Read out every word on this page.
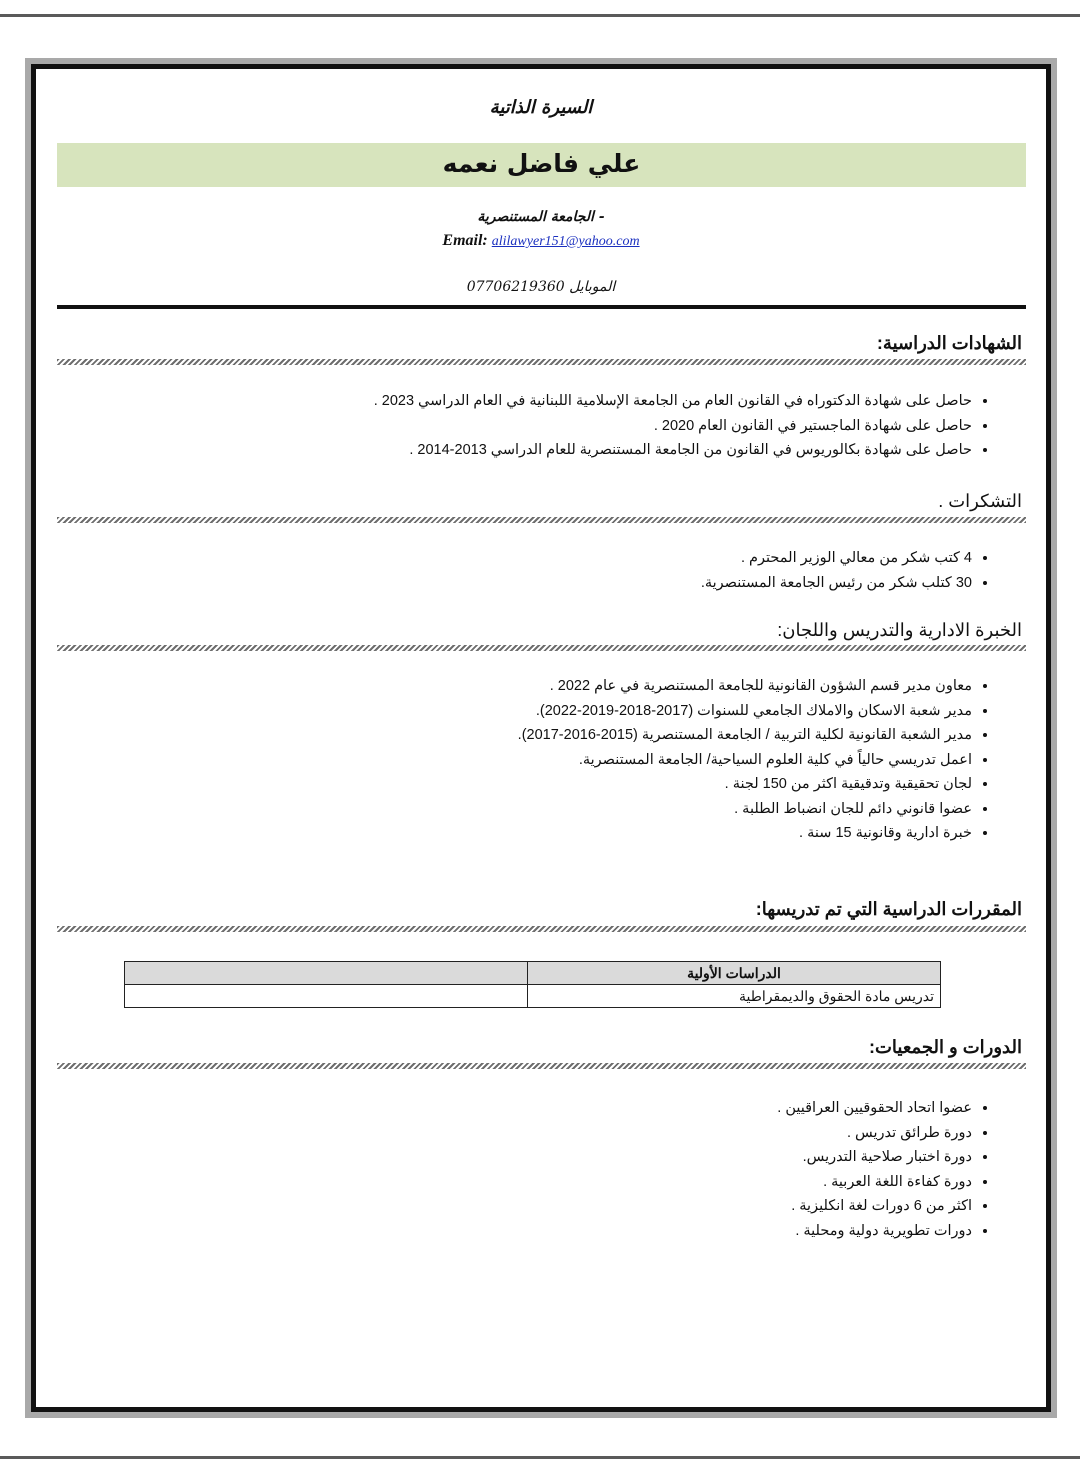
السيرة الذاتية
علي فاضل نعمه
الجامعة المستنصرية -
Email: alilawyer151@yahoo.com
07706219360 الموبايل
الشهادات الدراسية:
• حاصل على شهادة الدكتوراه في القانون العام من الجامعة الإسلامية اللبنانية في العام الدراسي 2023 .
• حاصل على شهادة الماجستير في القانون العام 2020 .
• حاصل على شهادة بكالوريوس في القانون من الجامعة المستنصرية للعام الدراسي 2013-2014 .
التشكرات .
• 4 كتب شكر من معالي الوزير المحترم .
• 30 كتلب شكر من رئيس الجامعة المستنصرية.
الخبرة الادارية والتدريس واللجان:
• معاون مدير قسم الشؤون القانونية للجامعة المستنصرية في عام 2022 .
• مدير شعبة الاسكان والاملاك الجامعي للسنوات (2017-2018-2019-2022).
• مدير الشعبة القانونية لكلية التربية / الجامعة المستنصرية (2015-2016-2017).
• اعمل تدريسي حالياً في كلية العلوم السياحية/ الجامعة المستنصرية.
• لجان تحقيقية وتدقيقية اكثر من 150 لجنة .
• عضوا قانوني دائم للجان انضباط الطلبة .
• خبرة ادارية وقانونية 15 سنة .
المقررات الدراسية التي تم تدريسها:
الدراسات الأولية	
تدريس مادة الحقوق والديمقراطية	
الدورات و الجمعيات:
• عضوا اتحاد الحقوقيين العراقيين .
• دورة طرائق تدريس .
• دورة اختبار صلاحية التدريس.
• دورة كفاءة اللغة العربية .
• اكثر من 6 دورات لغة انكليزية .
• دورات تطويرية دولية ومحلية .
